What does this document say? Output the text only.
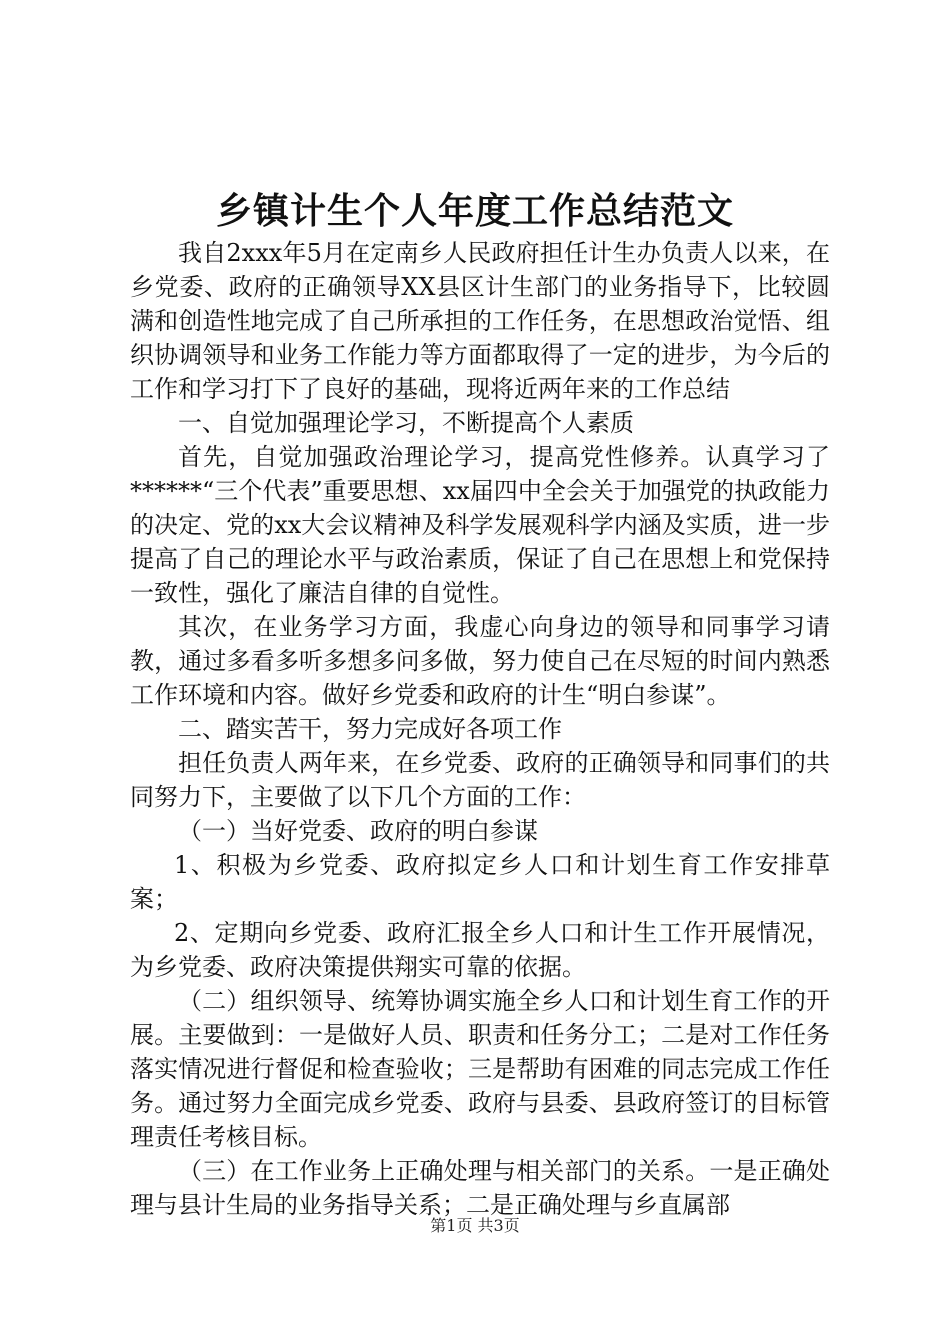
乡镇计生个人年度工作总结范文

我自2xxx年5月在定南乡人民政府担任计生办负责人以来，在乡党委、政府的正确领导XX县区计生部门的业务指导下，比较圆满和创造性地完成了自己所承担的工作任务，在思想政治觉悟、组织协调领导和业务工作能力等方面都取得了一定的进步，为今后的工作和学习打下了良好的基础，现将近两年来的工作总结

一、自觉加强理论学习，不断提高个人素质

首先，自觉加强政治理论学习，提高党性修养。认真学习了******“三个代表”重要思想、xx届四中全会关于加强党的执政能力的决定、党的xx大会议精神及科学发展观科学内涵及实质，进一步提高了自己的理论水平与政治素质，保证了自己在思想上和党保持一致性，强化了廉洁自律的自觉性。

其次，在业务学习方面，我虚心向身边的领导和同事学习请教，通过多看多听多想多问多做，努力使自己在尽短的时间内熟悉工作环境和内容。做好乡党委和政府的计生“明白参谋”。

二、踏实苦干，努力完成好各项工作

担任负责人两年来，在乡党委、政府的正确领导和同事们的共同努力下，主要做了以下几个方面的工作：

（一）当好党委、政府的明白参谋

1、积极为乡党委、政府拟定乡人口和计划生育工作安排草案；

2、定期向乡党委、政府汇报全乡人口和计生工作开展情况，为乡党委、政府决策提供翔实可靠的依据。

（二）组织领导、统筹协调实施全乡人口和计划生育工作的开展。主要做到：一是做好人员、职责和任务分工；二是对工作任务落实情况进行督促和检查验收；三是帮助有困难的同志完成工作任务。通过努力全面完成乡党委、政府与县委、县政府签订的目标管理责任考核目标。

（三）在工作业务上正确处理与相关部门的关系。一是正确处理与县计生局的业务指导关系；二是正确处理与乡直属部

第1页 共3页
